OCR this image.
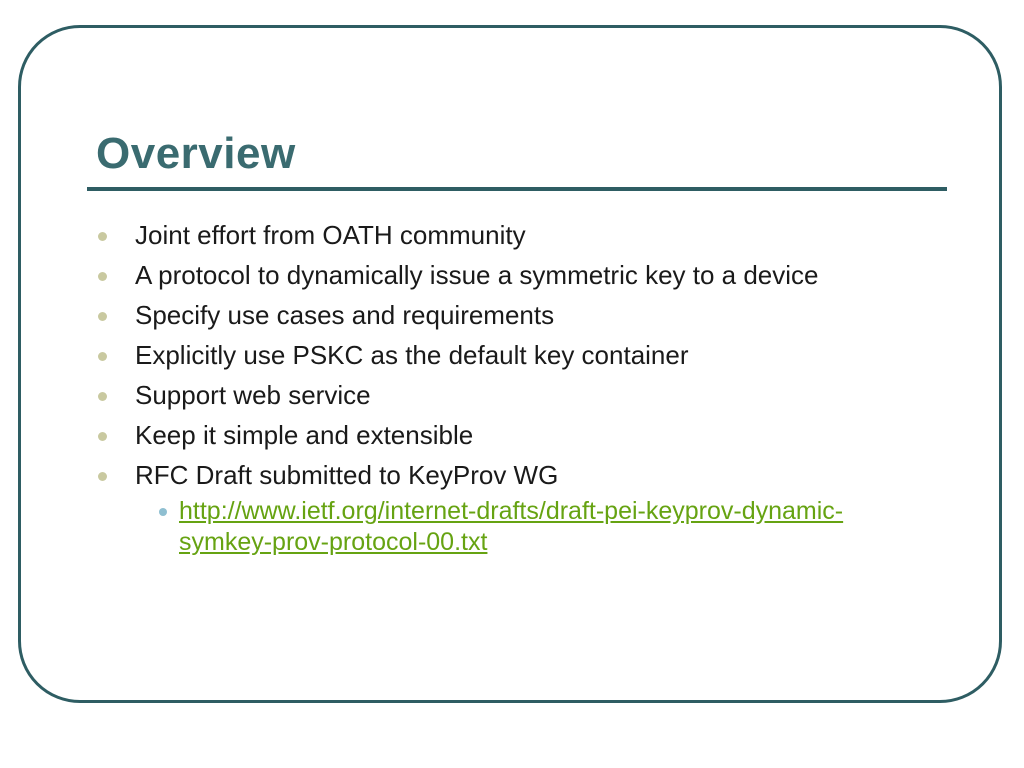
Overview
Joint effort from OATH community
A protocol to dynamically issue a symmetric key to a device
Specify use cases and requirements
Explicitly use PSKC as the default key container
Support web service
Keep it simple and extensible
RFC Draft submitted to KeyProv WG
http://www.ietf.org/internet-drafts/draft-pei-keyprov-dynamic-symkey-prov-protocol-00.txt
